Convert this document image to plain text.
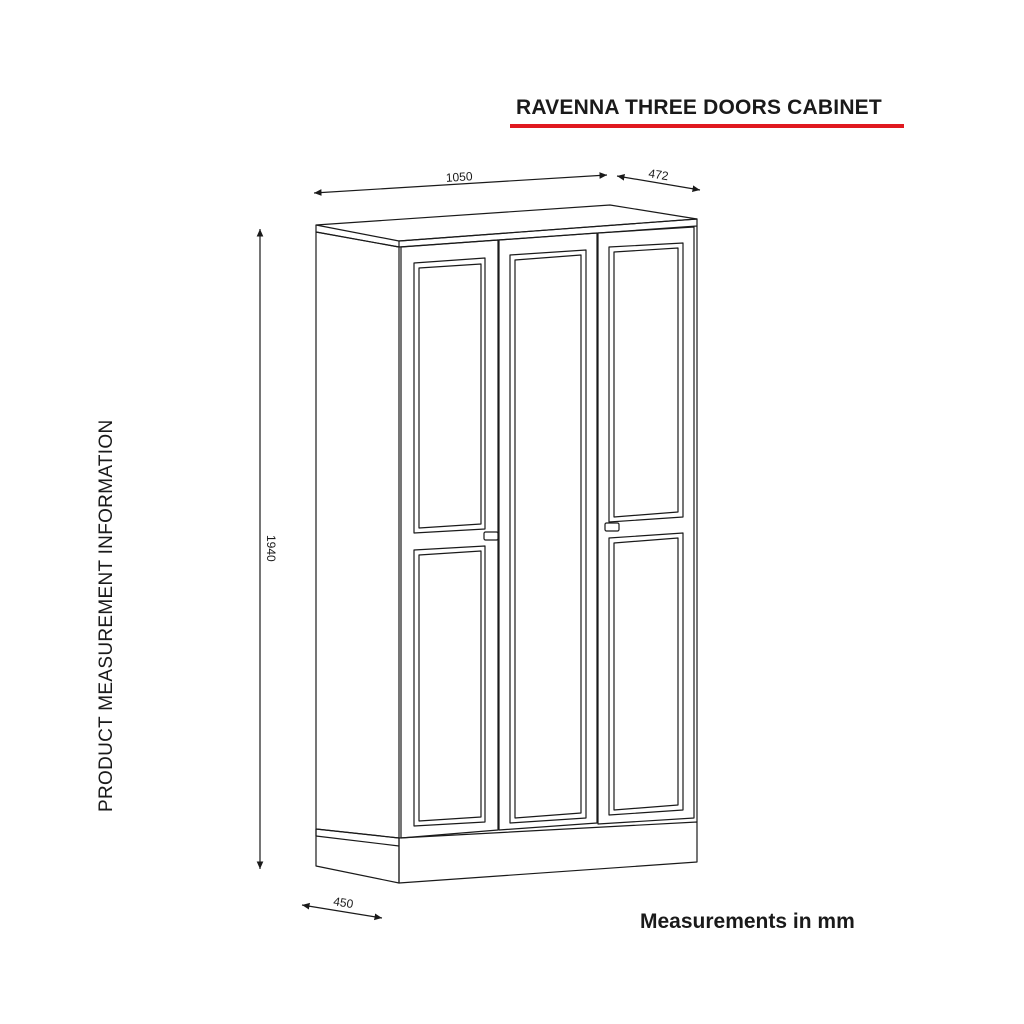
RAVENNA THREE DOORS CABINET
PRODUCT MEASUREMENT INFORMATION
Measurements in mm
1050	472
1940
450
